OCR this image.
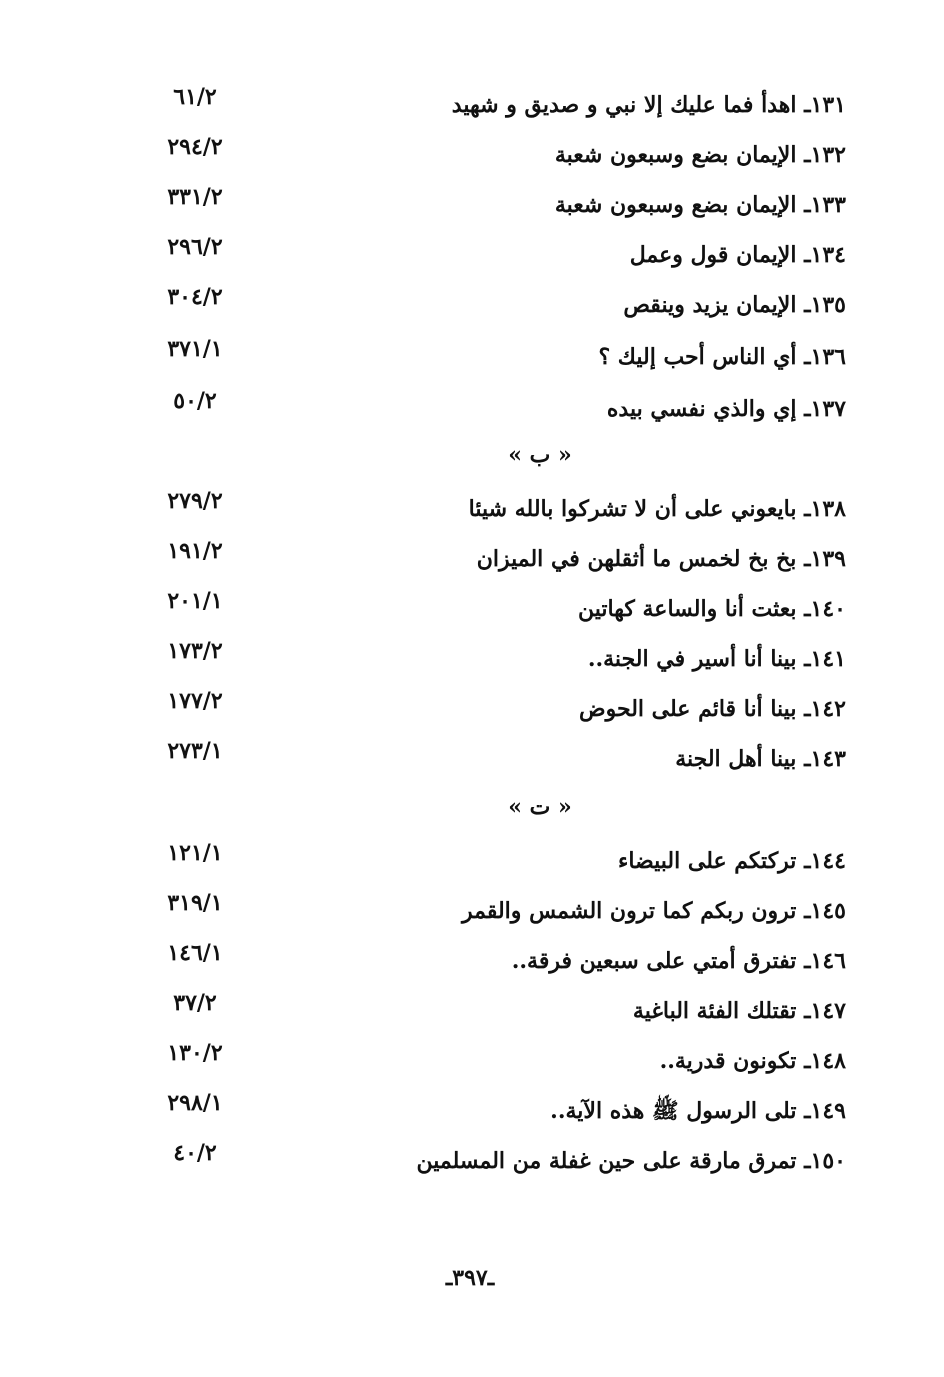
١٣١ـ اهدأ فما عليك إلا نبي و صديق و شهيد
٦١/٢
١٣٢ـ الإيمان بضع وسبعون شعبة
٢٩٤/٢
١٣٣ـ الإيمان بضع وسبعون شعبة
٣٣١/٢
١٣٤ـ الإيمان قول وعمل
٢٩٦/٢
١٣٥ـ الإيمان يزيد وينقص
٣٠٤/٢
١٣٦ـ أي الناس أحب إليك ؟
٣٧١/١
١٣٧ـ إي والذي نفسي بيده
٥٠/٢
« ب »
١٣٨ـ بايعوني على أن لا تشركوا بالله شيئا
٢٧٩/٢
١٣٩ـ بخ بخ لخمس ما أثقلهن في الميزان
١٩١/٢
١٤٠ـ بعثت أنا والساعة كهاتين
٢٠١/١
١٤١ـ بينا أنا أسير في الجنة..
١٧٣/٢
١٤٢ـ بينا أنا قائم على الحوض
١٧٧/٢
١٤٣ـ بينا أهل الجنة
٢٧٣/١
« ت »
١٤٤ـ تركتكم على البيضاء
١٢١/١
١٤٥ـ ترون ربكم كما ترون الشمس والقمر
٣١٩/١
١٤٦ـ تفترق أمتي على سبعين فرقة..
١٤٦/١
١٤٧ـ تقتلك الفئة الباغية
٣٧/٢
١٤٨ـ تكونون قدرية..
١٣٠/٢
١٤٩ـ تلى الرسول ﷺ هذه الآية..
٢٩٨/١
١٥٠ـ تمرق مارقة على حين غفلة من المسلمين
٤٠/٢
ـ٣٩٧ـ
